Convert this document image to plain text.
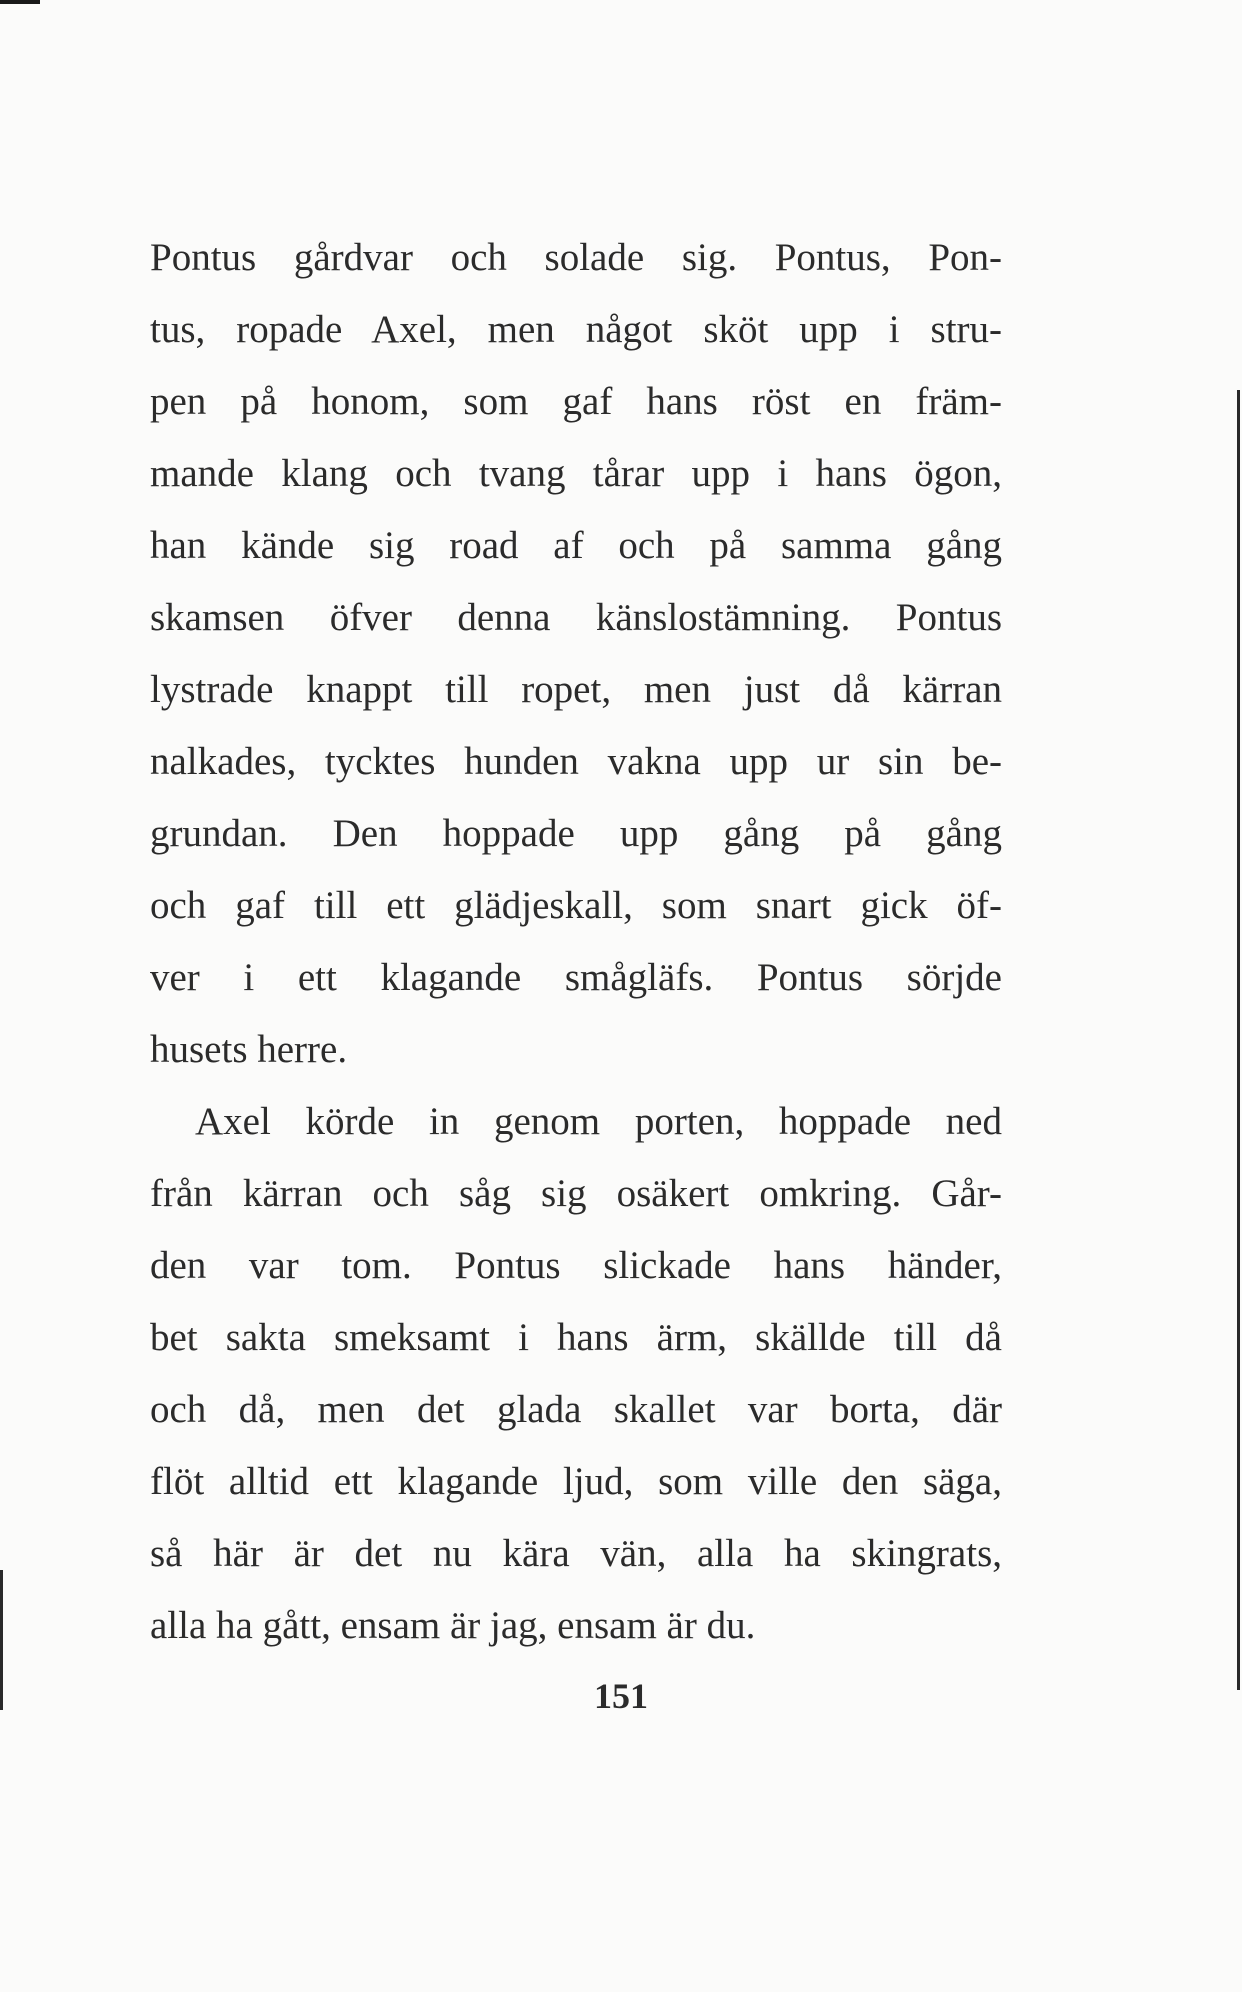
Pontus gårdvar och solade sig. Pontus, Pon-
tus, ropade Axel, men något sköt upp i stru-
pen på honom, som gaf hans röst en främ-
mande klang och tvang tårar upp i hans ögon,
han kände sig road af och på samma gång
skamsen öfver denna känslostämning. Pontus
lystrade knappt till ropet, men just då kärran
nalkades, tycktes hunden vakna upp ur sin be-
grundan. Den hoppade upp gång på gång
och gaf till ett glädjeskall, som snart gick öf-
ver i ett klagande smågläfs. Pontus sörjde
husets herre.
Axel körde in genom porten, hoppade ned
från kärran och såg sig osäkert omkring. Går-
den var tom. Pontus slickade hans händer,
bet sakta smeksamt i hans ärm, skällde till då
och då, men det glada skallet var borta, där
flöt alltid ett klagande ljud, som ville den säga,
så här är det nu kära vän, alla ha skingrats,
alla ha gått, ensam är jag, ensam är du.
151
